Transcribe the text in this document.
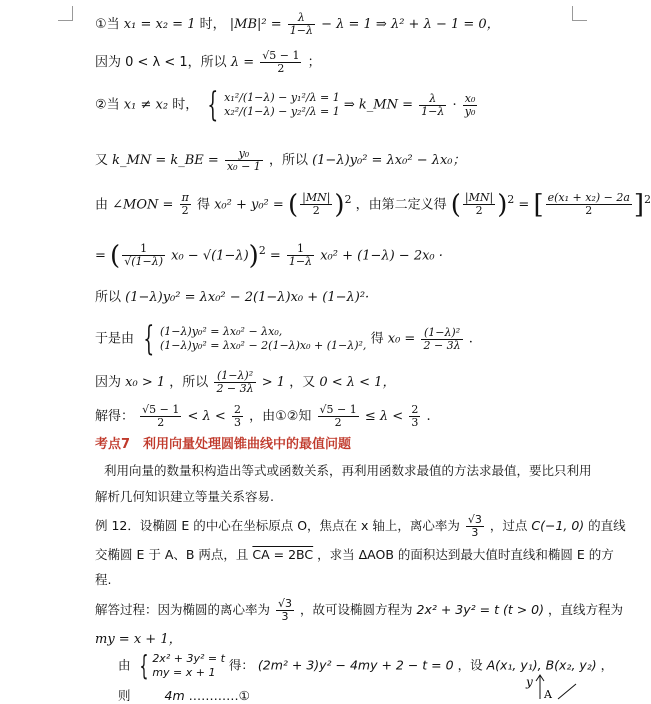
①当 x₁ = x₂ = 1 时， $|MB|^2 = \frac{\lambda}{1-\lambda} - \lambda = 1$ ⇒ λ² + λ − 1 = 0，
因为 0 < λ < 1，所以 $\lambda = \frac{√5 - 1}{2}$ ；
②当 x₁ ≠ x₂ 时， { x₁²/(1−λ) − y₁²/λ = 1
x₂²/(1−λ) − y₂²/λ = 1 ⇒ k_MN = $\frac{\lambda}{1-\lambda} \cdot \frac{\text{x₀}}{\text{y₀}}$
又 k_MN = k_BE = $\frac{\text{y₀}}{\text{x₀ − 1}}$ ，所以 (1−λ)y₀² = λx₀² − λx₀；
由 ∠MON = $\frac{\pi}{2}$ 得 x₀² + y₀² = ( $\frac{|MN|}{2} )^2$ ，由第二定义得 ( $\frac{|MN|}{2} )^2$ = [ $\frac{\text{e(x₁ + x₂) − 2a}}{2} ]^2$
= ( $\frac{1}{√(1-\lambda)} x_0 - √(1-\lambda))^2 = \frac{1}{1-\lambda} x_0^2 + (1-\lambda) - 2x_0$ ·
所以 (1−λ)y₀² = λx₀² − 2(1−λ)x₀ + (1−λ)²·
于是由 { (1−λ)y₀² = λx₀² − λx₀,
(1−λ)y₀² = λx₀² − 2(1−λ)x₀ + (1−λ)², 得 $x_0 = \frac{\text{(1−λ)²}}{2 - 3\lambda}$ .
因为 x₀ > 1 ，所以 $\frac{\text{(1−λ)²}}{2 - 3\lambda} > 1$ ，又 0 < λ < 1，
解得： $\frac{√5 - 1}{2} < \lambda < \frac{2}{3}$ ，由①②知 $\frac{√5 - 1}{2} \le \lambda < \frac{2}{3}$ .
考点7　利用向量处理圆锥曲线中的最值问题
利用向量的数量积构造出等式或函数关系，再利用函数求最值的方法求最值，要比只利用
解析几何知识建立等量关系容易.
例 12．设椭圆 E 的中心在坐标原点 O，焦点在 x 轴上，离心率为 $\frac{√3}{3}$ ，过点 C(−1, 0) 的直线
交椭圆 E 于 A、B 两点，且 CA = 2BC ，求当 ΔAOB 的面积达到最大值时直线和椭圆 E 的方
程.
解答过程：因为椭圆的离心率为 $\frac{√3}{3}$ ，故可设椭圆方程为 2x² + 3y² = t (t > 0) ，直线方程为
my = x + 1，
由 { 2x² + 3y² = t
my = x + 1	得： (2m² + 3)y² − 4my + 2 − t = 0 ，设 A(x₁, y₁), B(x₂, y₂) ，
则	4m …………①
y
A
